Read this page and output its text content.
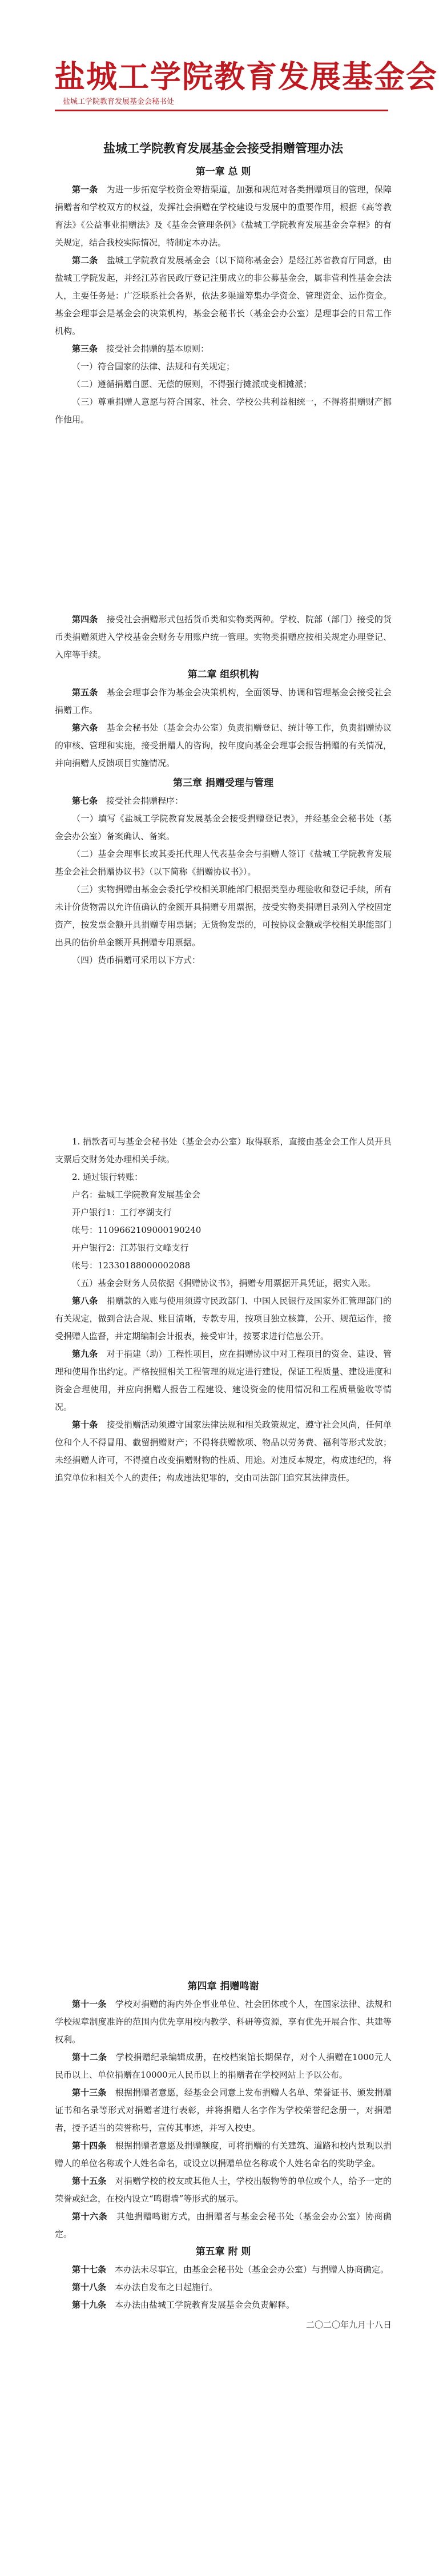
盐城工学院教育发展基金会
盐城工学院教育发展基金会秘书处
盐城工学院教育发展基金会接受捐赠管理办法
第一章 总 则

第一条　 为进一步拓宽学校资金筹措渠道，加强和规范对各类捐赠项目的管理，保障捐赠者和学校双方的权益，发挥社会捐赠在学校建设与发展中的重要作用，根据《高等教育法》《公益事业捐赠法》及《基金会管理条例》《盐城工学院教育发展基金会章程》的有关规定，结合我校实际情况，特制定本办法。

第二条　 盐城工学院教育发展基金会（以下简称基金会）是经江苏省教育厅同意，由盐城工学院发起，并经江苏省民政厅登记注册成立的非公募基金会，属非营利性基金会法人，主要任务是：广泛联系社会各界，依法多渠道筹集办学资金、管理资金、运作资金。基金会理事会是基金会的决策机构，基金会秘书长（基金会办公室）是理事会的日常工作机构。

第三条　 接受社会捐赠的基本原则：

（一）符合国家的法律、法规和有关规定；

（二）遵循捐赠自愿、无偿的原则，不得强行摊派或变相摊派；

（三）尊重捐赠人意愿与符合国家、社会、学校公共利益相统一，不得将捐赠财产挪作他用。

第四条　 接受社会捐赠形式包括货币类和实物类两种。学校、院部（部门）接受的货币类捐赠须进入学校基金会财务专用账户统一管理。实物类捐赠应按相关规定办理登记、入库等手续。

第二章 组织机构

第五条　 基金会理事会作为基金会决策机构，全面领导、协调和管理基金会接受社会捐赠工作。

第六条　 基金会秘书处（基金会办公室）负责捐赠登记、统计等工作，负责捐赠协议的审核、管理和实施，接受捐赠人的咨询，按年度向基金会理事会报告捐赠的有关情况，并向捐赠人反馈项目实施情况。

第三章 捐赠受理与管理

第七条　 接受社会捐赠程序：

（一）填写《盐城工学院教育发展基金会接受捐赠登记表》，并经基金会秘书处（基金会办公室）备案确认、备案。

（二）基金会理事长或其委托代理人代表基金会与捐赠人签订《盐城工学院教育发展基金会社会捐赠协议书》（以下简称《捐赠协议书》）。

（三）实物捐赠由基金会委托学校相关职能部门根据类型办理验收和登记手续，所有未计价货物需以允许值确认的金额开具捐赠专用票据，按受实物类捐赠目录列入学校固定资产，按发票金额开具捐赠专用票据；无货物发票的，可按协议金额或学校相关职能部门出具的估价单金额开具捐赠专用票据。

（四）货币捐赠可采用以下方式：

1. 捐款者可与基金会秘书处（基金会办公室）取得联系，直接由基金会工作人员开具支票后交财务处办理相关手续。

2. 通过银行转账：

户名：盐城工学院教育发展基金会

开户银行1：工行亭湖支行

帐号：1109662109000190240

开户银行2：江苏银行文峰支行

帐号：12330188000002088

（五）基金会财务人员依据《捐赠协议书》，捐赠专用票据开具凭证，据实入账。

第八条　 捐赠款的入账与使用须遵守民政部门、中国人民银行及国家外汇管理部门的有关规定，做到合法合规、账目清晰，专款专用，按项目独立核算，公开、规范运作，接受捐赠人监督，并定期编制会计报表，接受审计，按要求进行信息公开。

第九条　 对于捐建（助）工程性项目，应在捐赠协议中对工程项目的资金、建设、管理和使用作出约定。严格按照相关工程管理的规定进行建设，保证工程质量、建设进度和资金合理使用，并应向捐赠人报告工程建设、建设资金的使用情况和工程质量验收等情况。

第十条　 接受捐赠活动须遵守国家法律法规和相关政策规定，遵守社会风尚，任何单位和个人不得冒用、截留捐赠财产；不得将获赠款项、物品以劳务费、福利等形式发放；未经捐赠人许可，不得擅自改变捐赠财物的性质、用途。对违反本规定，构成违纪的，将追究单位和相关个人的责任；构成违法犯罪的，交由司法部门追究其法律责任。

第四章 捐赠鸣谢

第十一条　 学校对捐赠的海内外企事业单位、社会团体或个人，在国家法律、法规和学校规章制度准许的范围内优先享用校内教学、科研等资源，享有优先开展合作、共建等权利。

第十二条　 学校捐赠纪录编辑成册，在校档案馆长期保存，对个人捐赠在1000元人民币以上、单位捐赠在10000元人民币以上的捐赠者在学校网站上予以公布。

第十三条　 根据捐赠者意愿，经基金会同意上发布捐赠人名单、荣誉证书、颁发捐赠证书和名录等形式对捐赠者进行表彰，并将捐赠人名字作为学校荣誉纪念册一，对捐赠者，授予适当的荣誉称号，宣传其事迹，并写入校史。

第十四条　 根据捐赠者意愿及捐赠额度，可将捐赠的有关建筑、道路和校内景观以捐赠人的单位名称或个人姓名命名，或设立以捐赠单位名称或个人姓名命名的奖助学金。

第十五条　 对捐赠学校的校友或其他人士，学校出版物等的单位或个人，给予一定的荣誉或纪念，在校内设立“鸣谢墙”等形式的展示。

第十六条　 其他捐赠鸣谢方式，由捐赠者与基金会秘书处（基金会办公室）协商确定。

第五章 附 则

第十七条　 本办法未尽事宜，由基金会秘书处（基金会办公室）与捐赠人协商确定。

第十八条　 本办法自发布之日起施行。

第十九条　 本办法由盐城工学院教育发展基金会负责解释。

二〇二〇年九月十八日
